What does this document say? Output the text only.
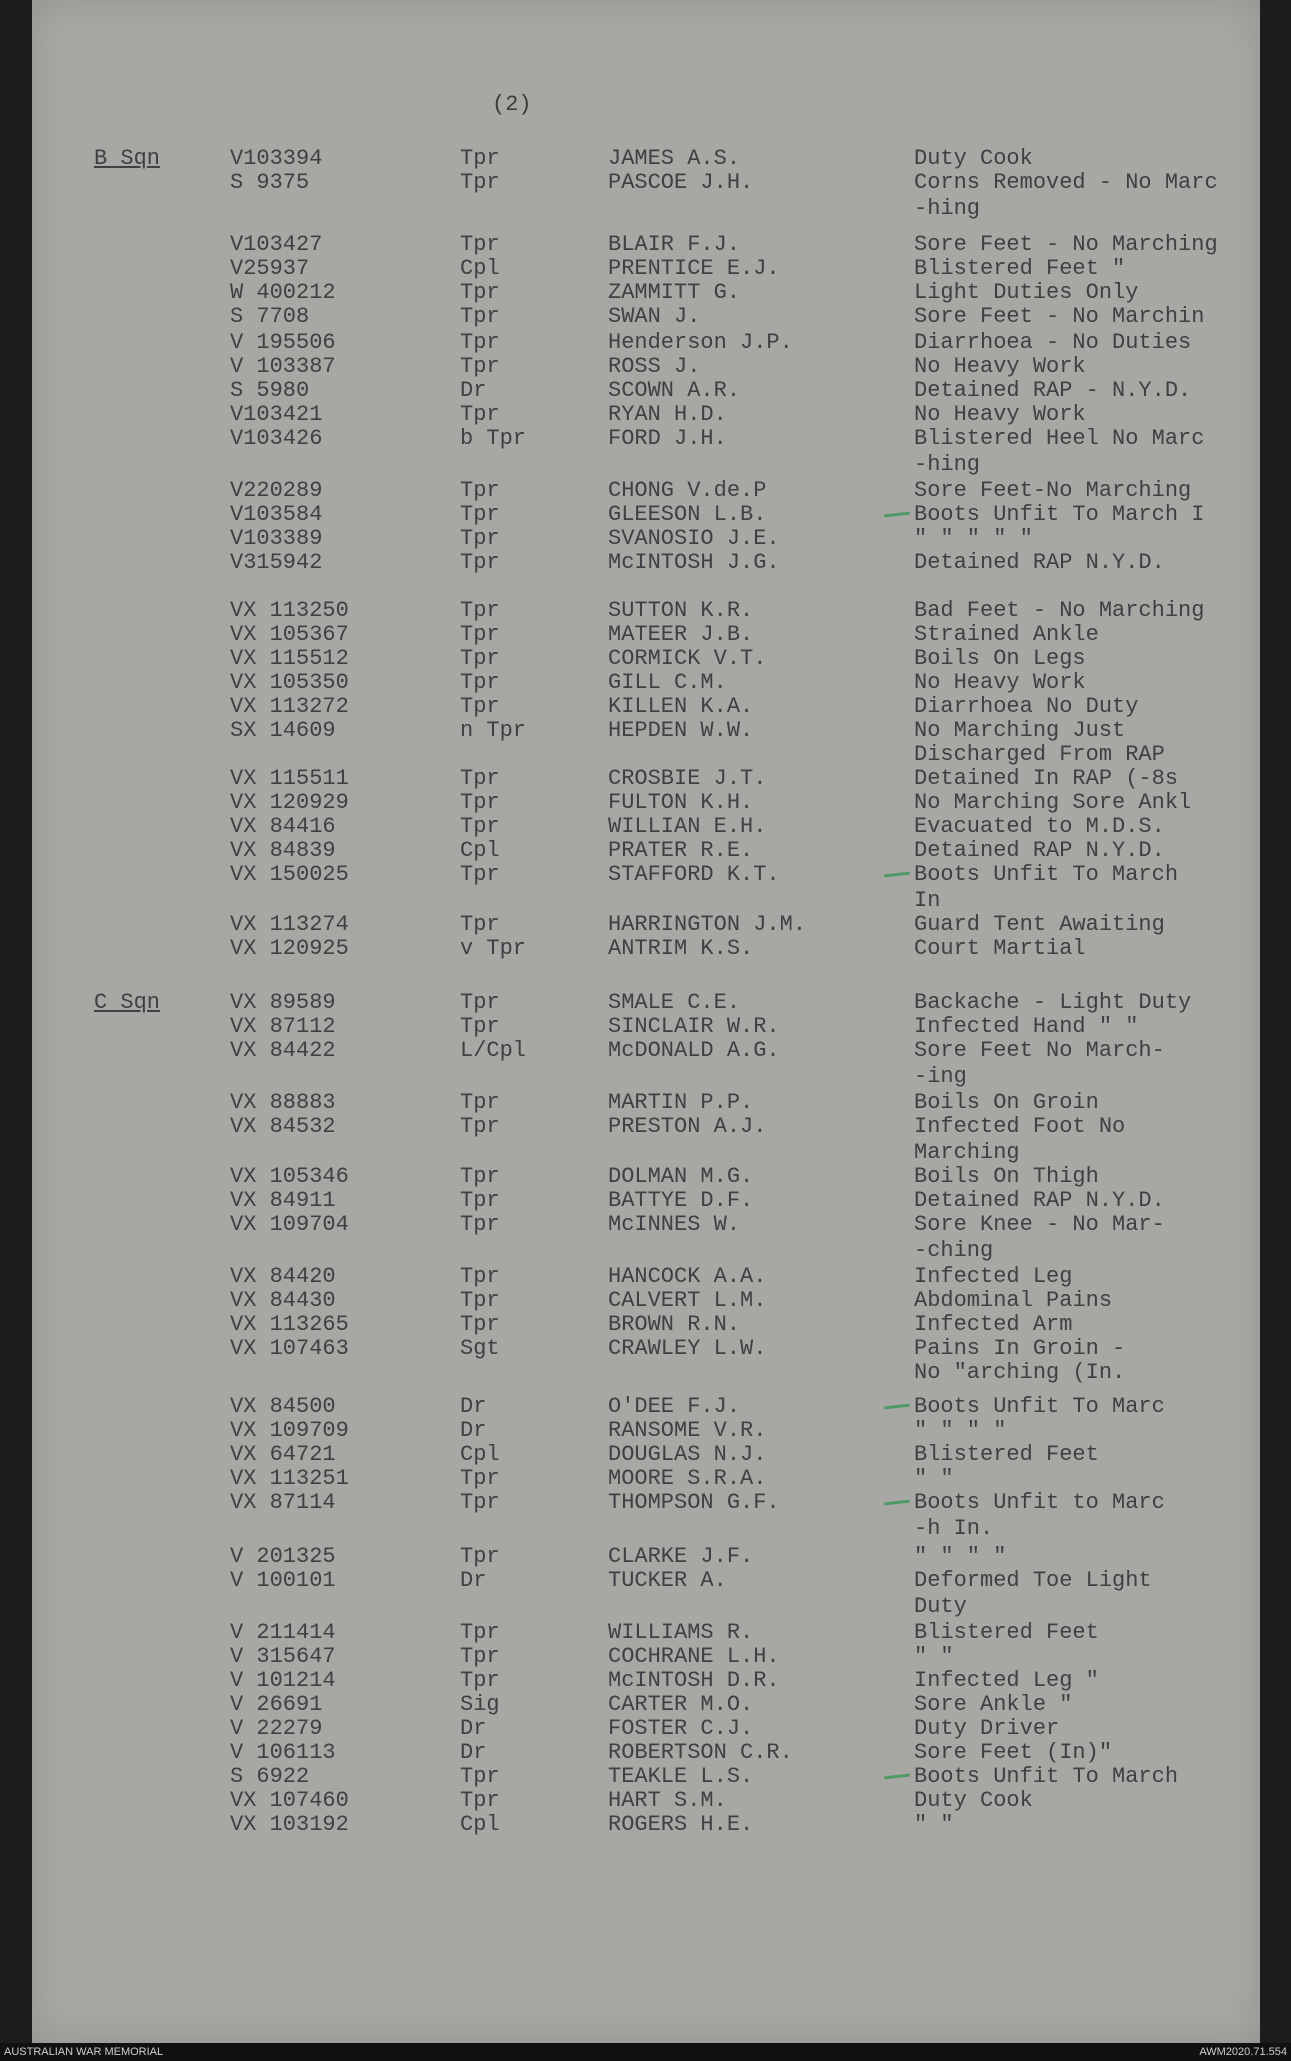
(2)
B Sqn	V103394	Tpr	JAMES A.S.	Duty Cook
S 9375	Tpr	PASCOE J.H.	Corns Removed - No Marc
-hing
V103427	Tpr	BLAIR F.J.	Sore Feet - No Marching
V25937	Cpl	PRENTICE E.J.	Blistered Feet "
W 400212	Tpr	ZAMMITT G.	Light Duties Only
S 7708	Tpr	SWAN J.	Sore Feet - No Marchin
V 195506	Tpr	Henderson J.P.	Diarrhoea - No Duties
V 103387	Tpr	ROSS J.	No Heavy Work
S 5980	Dr	SCOWN A.R.	Detained RAP - N.Y.D.
V103421	Tpr	RYAN H.D.	No Heavy Work
V103426	b Tpr	FORD J.H.	Blistered Heel No Marc
-hing
V220289	Tpr	CHONG V.de.P	Sore Feet-No Marching
V103584	Tpr	GLEESON L.B.	Boots Unfit To March I
V103389	Tpr	SVANOSIO J.E.	" " " " "
V315942	Tpr	McINTOSH J.G.	Detained RAP N.Y.D.
VX 113250	Tpr	SUTTON K.R.	Bad Feet - No Marching
VX 105367	Tpr	MATEER J.B.	Strained Ankle
VX 115512	Tpr	CORMICK V.T.	Boils On Legs
VX 105350	Tpr	GILL C.M.	No Heavy Work
VX 113272	Tpr	KILLEN K.A.	Diarrhoea No Duty
SX 14609	n Tpr	HEPDEN W.W.	No Marching Just
Discharged From RAP
VX 115511	Tpr	CROSBIE J.T.	Detained In RAP (-8s
VX 120929	Tpr	FULTON K.H.	No Marching Sore Ankl
VX 84416	Tpr	WILLIAN E.H.	Evacuated to M.D.S.
VX 84839	Cpl	PRATER R.E.	Detained RAP N.Y.D.
VX 150025	Tpr	STAFFORD K.T.	Boots Unfit To March
In
VX 113274	Tpr	HARRINGTON J.M.	Guard Tent Awaiting
VX 120925	v Tpr	ANTRIM K.S.	Court Martial
C Sqn	VX 89589	Tpr	SMALE C.E.	Backache - Light Duty
VX 87112	Tpr	SINCLAIR W.R.	Infected Hand " "
VX 84422	L/Cpl	McDONALD A.G.	Sore Feet No March-
-ing
VX 88883	Tpr	MARTIN P.P.	Boils On Groin
VX 84532	Tpr	PRESTON A.J.	Infected Foot No
Marching
VX 105346	Tpr	DOLMAN M.G.	Boils On Thigh
VX 84911	Tpr	BATTYE D.F.	Detained RAP N.Y.D.
VX 109704	Tpr	McINNES W.	Sore Knee - No Mar-
-ching
VX 84420	Tpr	HANCOCK A.A.	Infected Leg
VX 84430	Tpr	CALVERT L.M.	Abdominal Pains
VX 113265	Tpr	BROWN R.N.	Infected Arm
VX 107463	Sgt	CRAWLEY L.W.	Pains In Groin -
No "arching (In.
VX 84500	Dr	O'DEE F.J.	Boots Unfit To Marc
VX 109709	Dr	RANSOME V.R.	" " " "
VX 64721	Cpl	DOUGLAS N.J.	Blistered Feet
VX 113251	Tpr	MOORE S.R.A.	" "
VX 87114	Tpr	THOMPSON G.F.	Boots Unfit to Marc
-h In.
V 201325	Tpr	CLARKE J.F.	" " " "
V 100101	Dr	TUCKER A.	Deformed Toe Light
Duty
V 211414	Tpr	WILLIAMS R.	Blistered Feet
V 315647	Tpr	COCHRANE L.H.	" "
V 101214	Tpr	McINTOSH D.R.	Infected Leg "
V 26691	Sig	CARTER M.O.	Sore Ankle "
V 22279	Dr	FOSTER C.J.	Duty Driver
V 106113	Dr	ROBERTSON C.R.	Sore Feet (In)"
S 6922	Tpr	TEAKLE L.S.	Boots Unfit To March
VX 107460	Tpr	HART S.M.	Duty Cook
VX 103192	Cpl	ROGERS H.E.	" "
AUSTRALIAN WAR MEMORIAL	AWM2020.71.554
